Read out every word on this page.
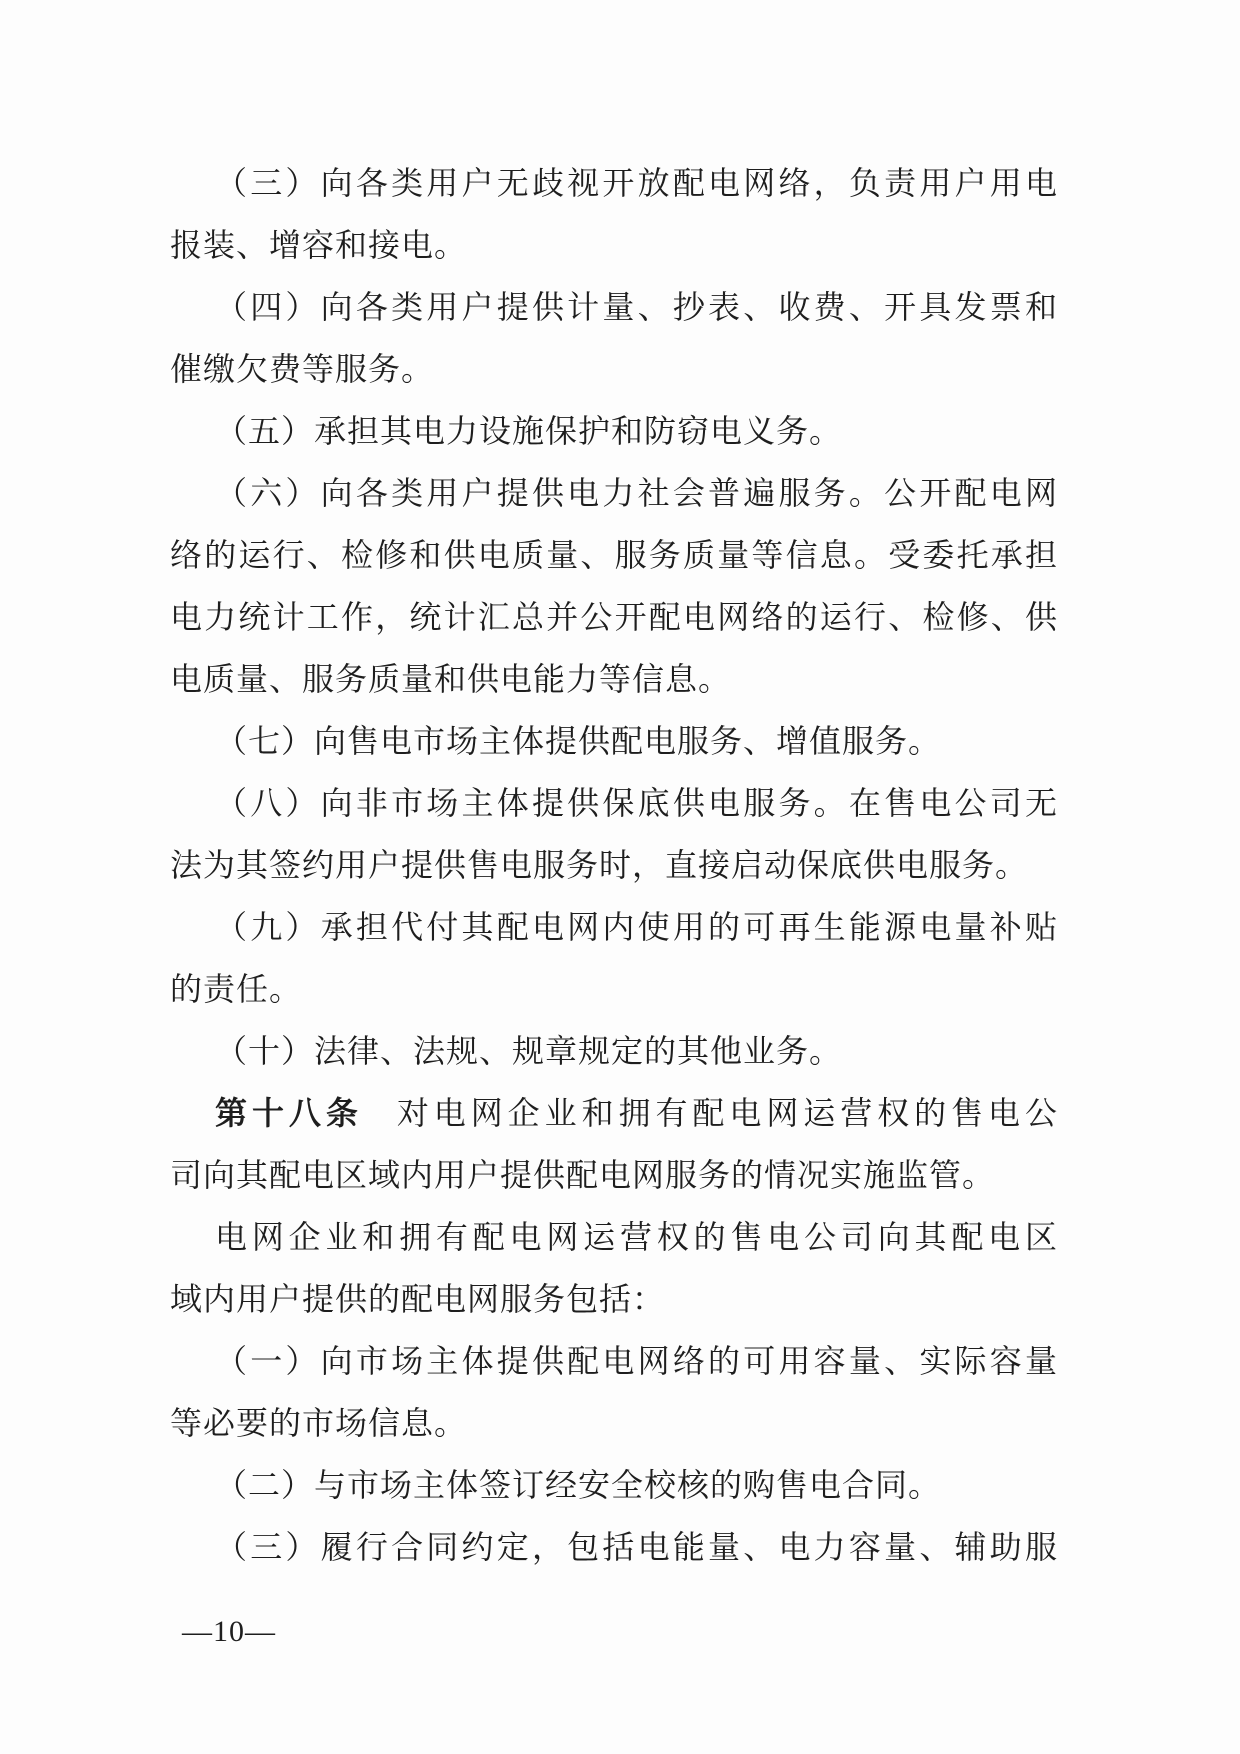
（三）向各类用户无歧视开放配电网络，负责用户用电
报装、增容和接电。
（四）向各类用户提供计量、抄表、收费、开具发票和
催缴欠费等服务。
（五）承担其电力设施保护和防窃电义务。
（六）向各类用户提供电力社会普遍服务。公开配电网
络的运行、检修和供电质量、服务质量等信息。受委托承担
电力统计工作，统计汇总并公开配电网络的运行、检修、供
电质量、服务质量和供电能力等信息。
（七）向售电市场主体提供配电服务、增值服务。
（八）向非市场主体提供保底供电服务。在售电公司无
法为其签约用户提供售电服务时，直接启动保底供电服务。
（九）承担代付其配电网内使用的可再生能源电量补贴
的责任。
（十）法律、法规、规章规定的其他业务。
第十八条 对电网企业和拥有配电网运营权的售电公
司向其配电区域内用户提供配电网服务的情况实施监管。
电网企业和拥有配电网运营权的售电公司向其配电区
域内用户提供的配电网服务包括：
（一）向市场主体提供配电网络的可用容量、实际容量
等必要的市场信息。
（二）与市场主体签订经安全校核的购售电合同。
（三）履行合同约定，包括电能量、电力容量、辅助服
—10—
